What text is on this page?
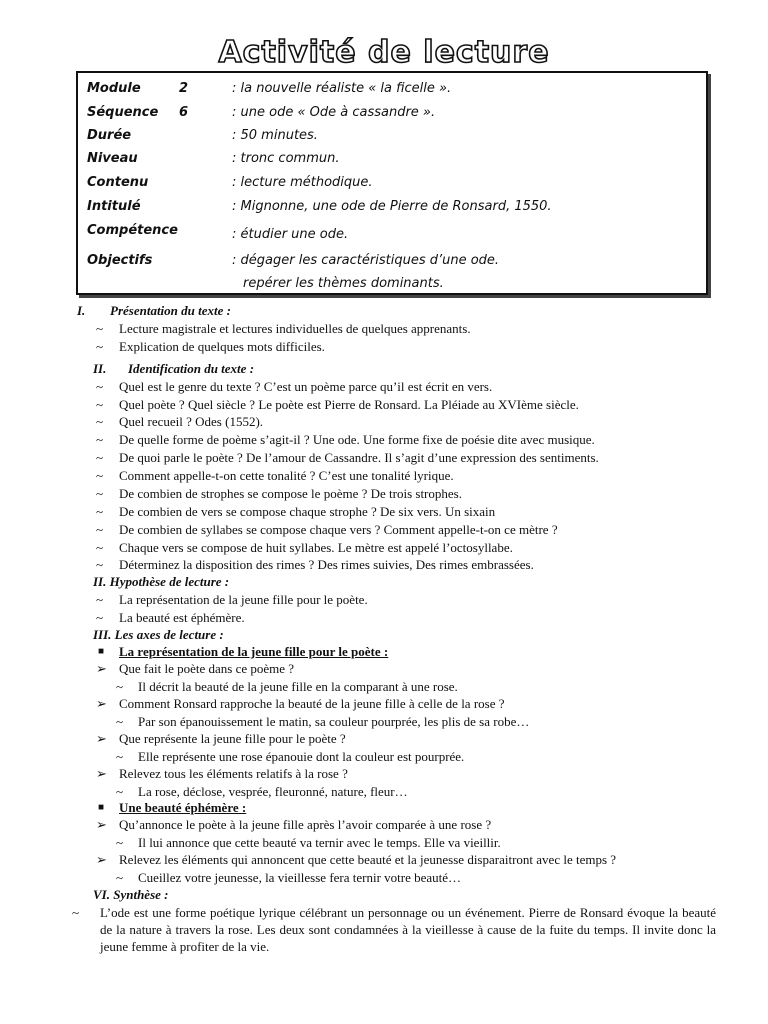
Activité de lecture
Module	2	: la nouvelle réaliste « la ficelle ».
Séquence	6	: une ode « Ode à cassandre ».
Durée	: 50 minutes.
Niveau	: tronc commun.
Contenu	: lecture méthodique.
Intitulé	: Mignonne, une ode de Pierre de Ronsard, 1550.
Compétence	: étudier une ode.
Objectifs	: dégager les caractéristiques d’une ode.
repérer les thèmes dominants.
I. Présentation du texte :
~ Lecture magistrale et lectures individuelles de quelques apprenants.
~ Explication de quelques mots difficiles.
II. Identification du texte :
~ Quel est le genre du texte ? C’est un poème parce qu’il est écrit en vers.
~ Quel poète ? Quel siècle ? Le poète est Pierre de Ronsard. La Pléiade au XVIème siècle.
~ Quel recueil ? Odes (1552).
~ De quelle forme de poème s’agit-il ? Une ode. Une forme fixe de poésie dite avec musique.
~ De quoi parle le poète ? De l’amour de Cassandre. Il s’agit d’une expression des sentiments.
~ Comment appelle-t-on cette tonalité ? C’est une tonalité lyrique.
~ De combien de strophes se compose le poème ? De trois strophes.
~ De combien de vers se compose chaque strophe ? De six vers. Un sixain
~ De combien de syllabes se compose chaque vers ? Comment appelle-t-on ce mètre ?
~ Chaque vers se compose de huit syllabes. Le mètre est appelé l’octosyllabe.
~ Déterminez la disposition des rimes ? Des rimes suivies, Des rimes embrassées.
II. Hypothèse de lecture :
~ La représentation de la jeune fille pour le poète.
~ La beauté est éphémère.
III. Les axes de lecture :
■ La représentation de la jeune fille pour le poète :
➢ Que fait le poète dans ce poème ?
~ Il décrit la beauté de la jeune fille en la comparant à une rose.
➢ Comment Ronsard rapproche la beauté de la jeune fille à celle de la rose ?
~ Par son épanouissement le matin, sa couleur pourprée, les plis de sa robe…
➢ Que représente la jeune fille pour le poète ?
~ Elle représente une rose épanouie dont la couleur est pourprée.
➢ Relevez tous les éléments relatifs à la rose ?
~ La rose, déclose, vesprée, fleuronné, nature, fleur…
■ Une beauté éphémère :
➢ Qu’annonce le poète à la jeune fille après l’avoir comparée à une rose ?
~ Il lui annonce que cette beauté va ternir avec le temps. Elle va vieillir.
➢ Relevez les éléments qui annoncent que cette beauté et la jeunesse disparaitront avec le temps ?
~ Cueillez votre jeunesse, la vieillesse fera ternir votre beauté…
VI. Synthèse :
~ L’ode est une forme poétique lyrique célébrant un personnage ou un événement. Pierre de Ronsard évoque la beauté de la nature à travers la rose. Les deux sont condamnées à la vieillesse à cause de la fuite du temps. Il invite donc la jeune femme à profiter de la vie.
